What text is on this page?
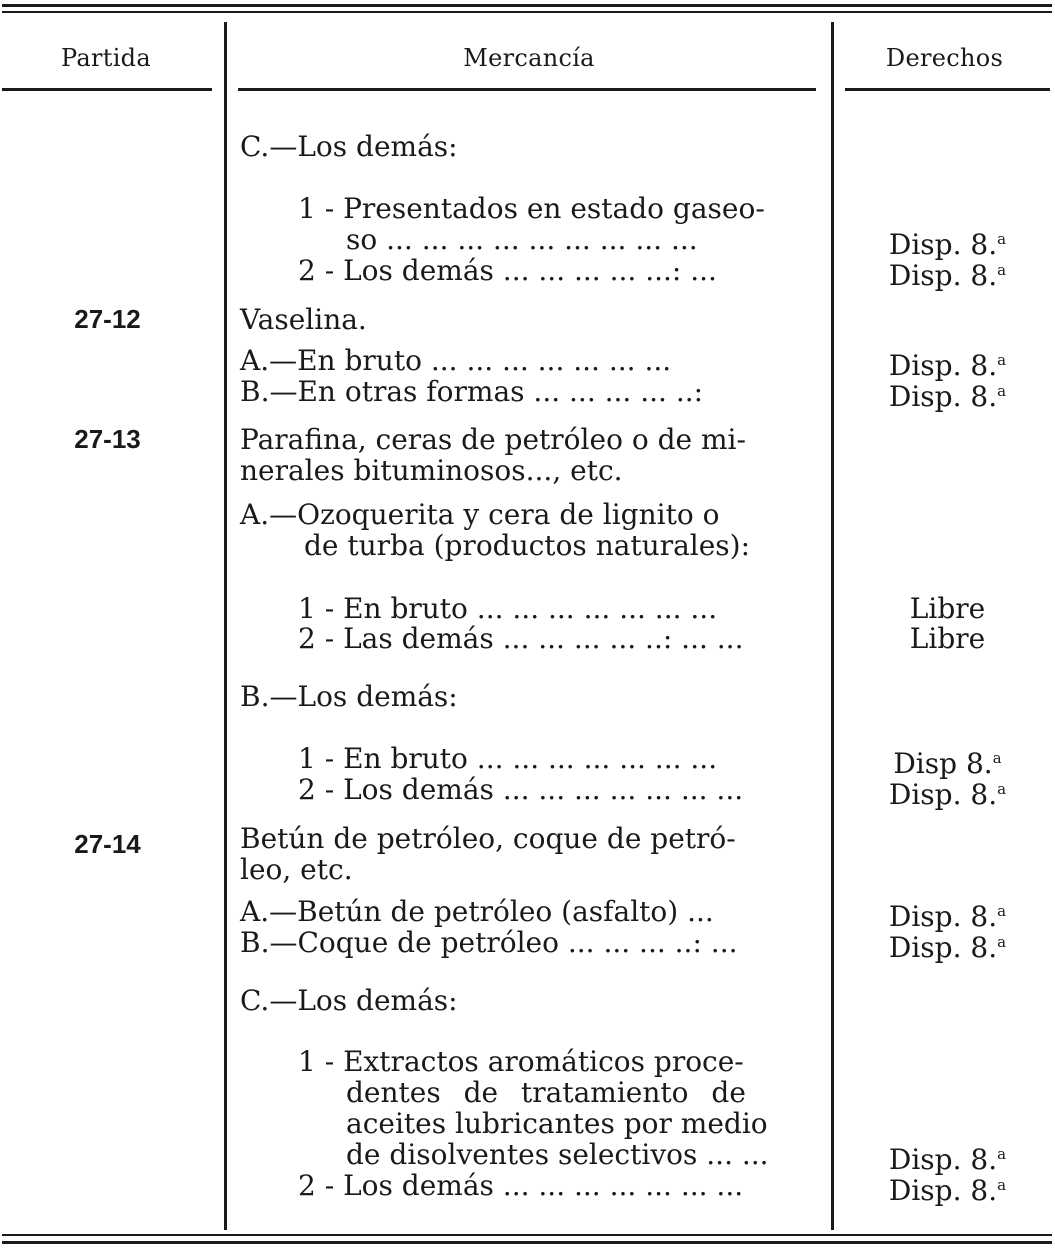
Partida	Mercancía	Derechos
27-12
27-13
27-14
C.—Los demás:
1 - Presentados en estado gaseo-
so ... ... ... ... ... ... ... ... ...
2 - Los demás ... ... ... ... ...: ...
Vaselina.
A.—En bruto ... ... ... ... ... ... ...
B.—En otras formas ... ... ... ... ..:
Parafina, ceras de petróleo o de mi-
nerales bituminosos..., etc.
A.—Ozoquerita y cera de lignito o
de turba (productos naturales):
1 - En bruto ... ... ... ... ... ... ...
2 - Las demás ... ... ... ... ..: ... ...
B.—Los demás:
1 - En bruto ... ... ... ... ... ... ...
2 - Los demás ... ... ... ... ... ... ...
Betún de petróleo, coque de petró-
leo, etc.
A.—Betún de petróleo (asfalto) ...
B.—Coque de petróleo ... ... ... ..: ...
C.—Los demás:
1 - Extractos aromáticos proce-
dentes de tratamiento de
aceites lubricantes por medio
de disolventes selectivos ... ...
2 - Los demás ... ... ... ... ... ... ...
Disp. 8.$^a$
Disp. 8.$^a$
Disp. 8.$^a$
Disp. 8.$^a$
Libre
Libre
Disp 8.$^a$
Disp. 8.$^a$
Disp. 8.$^a$
Disp. 8.$^a$
Disp. 8.$^a$
Disp. 8.$^a$
